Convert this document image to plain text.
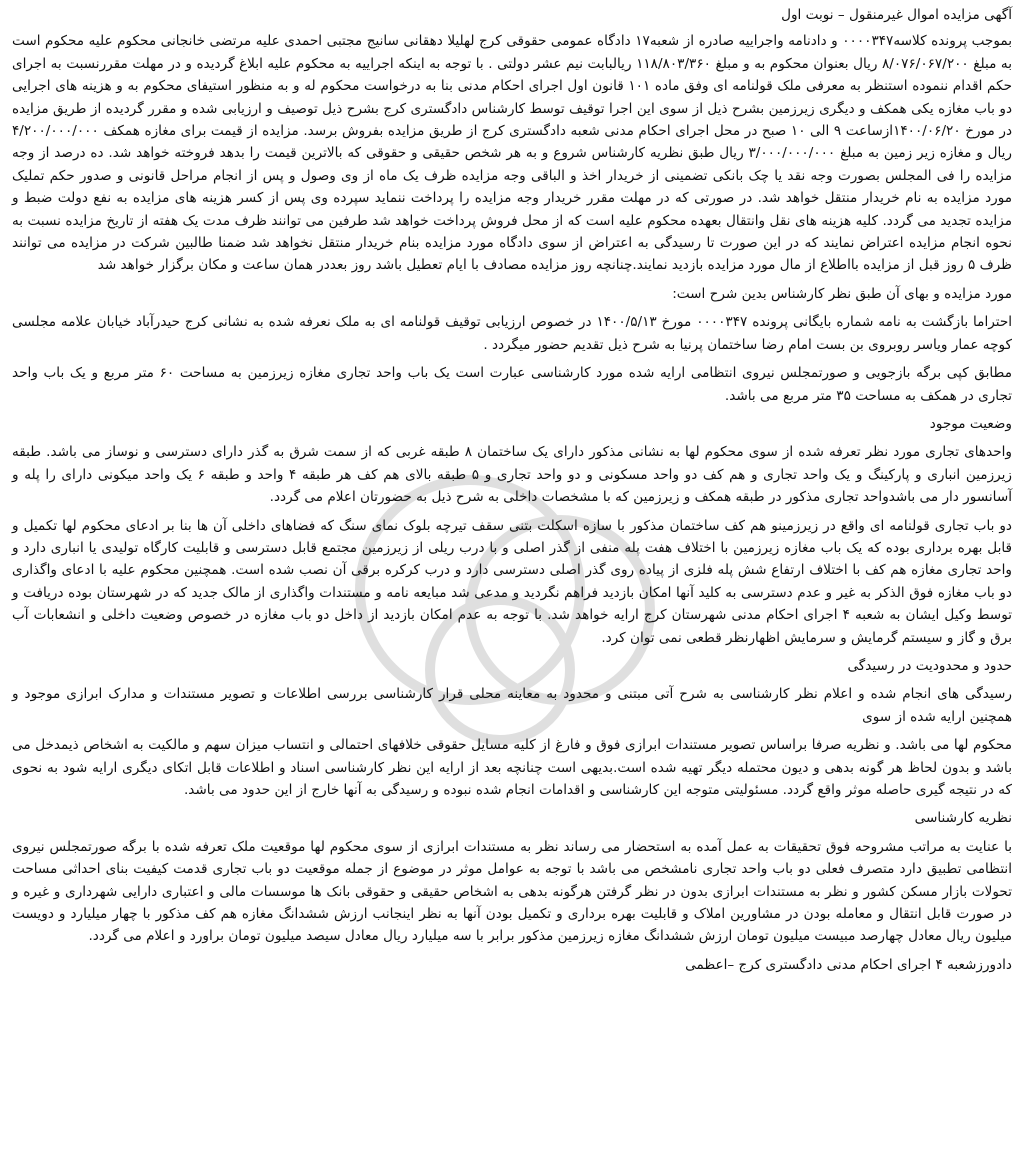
آگهی مزایده اموال غیرمنقول – نوبت اول

بموجب پرونده کلاسه۰۰۰۰۳۴۷ و دادنامه واجراییه صادره از شعبه۱۷ دادگاه عمومی حقوقی کرج لهلیلا دهقانی سانیج مجتبی احمدی علیه مرتضی خانجانی محکوم علیه محکوم است به مبلغ ۸/۰۷۶/۰۶۷/۲۰۰ ریال بعنوان محکوم به و مبلغ ۱۱۸/۸۰۳/۳۶۰ ریالبابت نیم عشر دولتی . با توجه به اینکه اجراییه به محکوم علیه ابلاغ گردیده و در مهلت مقررنسبت به اجرای حکم اقدام ننموده استنظر به معرفی ملک قولنامه ای وفق ماده ۱۰۱ قانون اول اجرای احکام مدنی بنا به درخواست محکوم له و به منظور استیفای محکوم به و هزینه های اجرایی دو باب مغازه یکی همکف و دیگری زیرزمین بشرح ذیل از سوی این اجرا توقیف توسط کارشناس دادگستری کرج بشرح ذیل توصیف و ارزیابی شده و مقرر گردیده از طریق مزایده در مورخ ۱۴۰۰/۰۶/۲۰ازساعت ۹ الی ۱۰ صبح در محل اجرای احکام مدنی شعبه دادگستری کرج از طریق مزایده بفروش برسد. مزایده از قیمت برای مغازه همکف ۴/۲۰۰/۰۰۰/۰۰۰ ریال و مغازه زیر زمین به مبلغ ۳/۰۰۰/۰۰۰/۰۰۰ ریال طبق نظریه کارشناس شروع و به هر شخص حقیقی و حقوقی که بالاترین قیمت را بدهد فروخته خواهد شد. ده درصد از وجه مزایده را فی المجلس بصورت وجه نقد یا چک بانکی تضمینی از خریدار اخذ و الباقی وجه مزایده ظرف یک ماه از وی وصول و پس از انجام مراحل قانونی و صدور حکم تملیک مورد مزایده به نام خریدار منتقل خواهد شد. در صورتی که در مهلت مقرر خریدار وجه مزایده را پرداخت ننماید سپرده وی پس از کسر هزینه های مزایده به نفع دولت ضبط و مزایده تجدید می گردد. کلیه هزینه های نقل وانتقال بعهده محکوم علیه است که از محل فروش پرداخت خواهد شد طرفین می توانند ظرف مدت یک هفته از تاریخ مزایده نسبت به نحوه انجام مزایده اعتراض نمایند که در این صورت تا رسیدگی به اعتراض از سوی دادگاه مورد مزایده بنام خریدار منتقل نخواهد شد ضمنا طالبین شرکت در مزایده می توانند ظرف ۵ روز قبل از مزایده بااطلاع از مال مورد مزایده بازدید نمایند.چنانچه روز مزایده مصادف با ایام تعطیل باشد روز بعددر همان ساعت و مکان برگزار خواهد شد

مورد مزایده و بهای آن طبق نظر کارشناس بدین شرح است:

احتراما بازگشت به نامه شماره بایگانی پرونده ۰۰۰۰۳۴۷ مورخ ۱۴۰۰/۵/۱۳ در خصوص ارزیابی توقیف قولنامه ای به ملک نعرفه شده به نشانی کرج حیدرآباد خیابان علامه مجلسی کوچه عمار ویاسر روبروی بن بست امام رضا ساختمان پرنیا به شرح ذیل تقدیم حضور میگردد .

مطابق کپی برگه بازجویی و صورتمجلس نیروی انتظامی ارایه شده مورد کارشناسی عبارت است یک باب واحد تجاری مغازه زیرزمین به مساحت ۶۰ متر مربع و یک باب واحد تجاری در همکف به مساحت ۳۵ متر مربع می باشد.

وضعیت موجود

واحدهای تجاری مورد نظر تعرفه شده از سوی محکوم لها به نشانی مذکور دارای یک ساختمان ۸ طبقه غربی که از سمت شرق به گذر دارای دسترسی و نوساز می باشد. طبقه زیرزمین انباری و پارکینگ و یک واحد تجاری و هم کف دو واحد مسکونی و دو واحد تجاری و ۵ طبقه بالای هم کف هر طبقه ۴ واحد و طبقه ۶ یک واحد میکونی دارای را پله و آسانسور دار می باشدواحد تجاری مذکور در طبقه همکف و زیرزمین که با مشخصات داخلی به شرح ذیل به حضورتان اعلام می گردد.

دو باب تجاری قولنامه ای واقع در زیرزمینو هم کف ساختمان مذکور با سازه اسکلت بتنی سقف تیرچه بلوک نمای سنگ که فضاهای داخلی آن ها بنا بر ادعای محکوم لها تکمیل و قابل بهره برداری بوده که یک باب مغازه زیرزمین با اختلاف هفت پله منفی از گذر اصلی و با درب ریلی از زیرزمین مجتمع قابل دسترسی و قابلیت کارگاه تولیدی یا انباری دارد و واحد تجاری مغازه هم کف با اختلاف ارتفاع شش پله فلزی از پیاده روی گذر اصلی دسترسی دارد و درب کرکره برقی آن نصب شده است. همچنین محکوم علیه با ادعای واگذاری دو باب مغازه فوق الذکر به غیر و عدم دسترسی به کلید آنها امکان بازدید فراهم نگردید و مدعی شد مبایعه نامه و مستندات واگذاری از مالک جدید که در شهرستان بوده دریافت و توسط وکیل ایشان به شعبه ۴ اجرای احکام مدنی شهرستان کرج ارایه خواهد شد. با توجه به عدم امکان بازدید از داخل دو باب مغازه در خصوص وضعیت داخلی و انشعابات آب برق و گاز و سیستم گرمایش و سرمایش اظهارنظر قطعی نمی توان کرد.

حدود و محدودیت در رسیدگی

رسیدگی های انجام شده و اعلام نظر کارشناسی به شرح آتی مبتنی و محدود به معاینه محلی قرار کارشناسی بررسی اطلاعات و تصویر مستندات و مدارک ابرازی موجود و همچنین ارایه شده از سوی

محکوم لها می باشد. و نظریه صرفا براساس تصویر مستندات ابرازی فوق و فارغ از کلیه مسایل حقوقی خلافهای احتمالی و انتساب میزان سهم و مالکیت به اشخاص ذیمدخل می باشد و بدون لحاظ هر گونه بدهی و دیون محتمله دیگر تهیه شده است.بدیهی است چنانچه بعد از ارایه این نظر کارشناسی اسناد و اطلاعات قابل اتکای دیگری ارایه شود به نحوی که در نتیجه گیری حاصله موثر واقع گردد. مسئولیتی متوجه این کارشناسی و اقدامات انجام شده نبوده و رسیدگی به آنها خارج از این حدود می باشد.

نظریه کارشناسی

با عنایت به مراتب مشروحه فوق تحقیقات به عمل آمده به استحضار می رساند نظر به مستندات ابرازی از سوی محکوم لها موقعیت ملک تعرفه شده با برگه صورتمجلس نیروی انتظامی تطبیق دارد متصرف فعلی دو باب واحد تجاری نامشخص می باشد با توجه به عوامل موثر در موضوع از جمله موقعیت دو باب تجاری قدمت کیفیت بنای احداثی مساحت تحولات بازار مسکن کشور و نظر به مستندات ابرازی بدون در نظر گرفتن هرگونه بدهی به اشخاص حقیقی و حقوقی بانک ها موسسات مالی و اعتباری دارایی شهرداری و غیره و در صورت قابل انتقال و معامله بودن در مشاورین املاک و قابلیت بهره برداری و تکمیل بودن آنها به نظر اینجانب ارزش ششدانگ مغازه هم کف مذکور با چهار میلیارد و دویست میلیون ریال معادل چهارصد مبیست میلیون تومان ارزش ششدانگ مغازه زیرزمین مذکور برابر با سه میلیارد ریال معادل سیصد میلیون تومان براورد و اعلام می گردد.

دادورزشعبه ۴ اجرای احکام مدنی دادگستری کرج –اعظمی
